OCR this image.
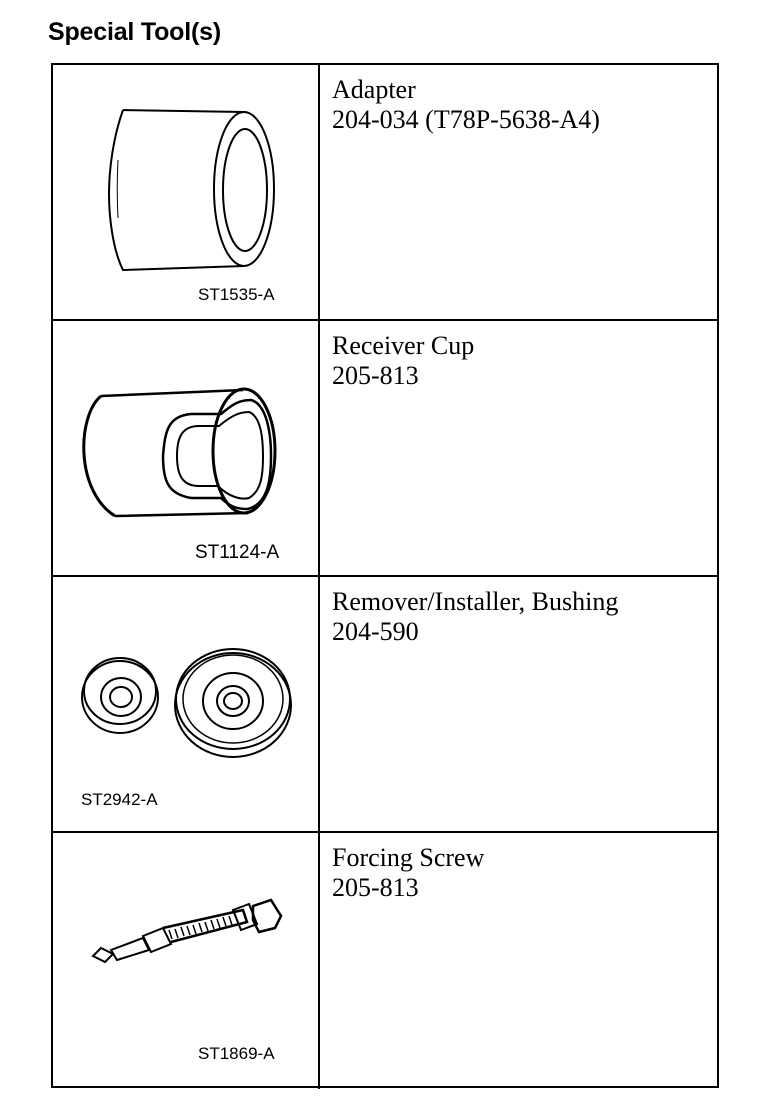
Special Tool(s)
ST1535-A
Adapter
204-034 (T78P-5638-A4)
ST1124-A
Receiver Cup
205-813
ST2942-A
Remover/Installer, Bushing
204-590
ST1869-A
Forcing Screw
205-813
